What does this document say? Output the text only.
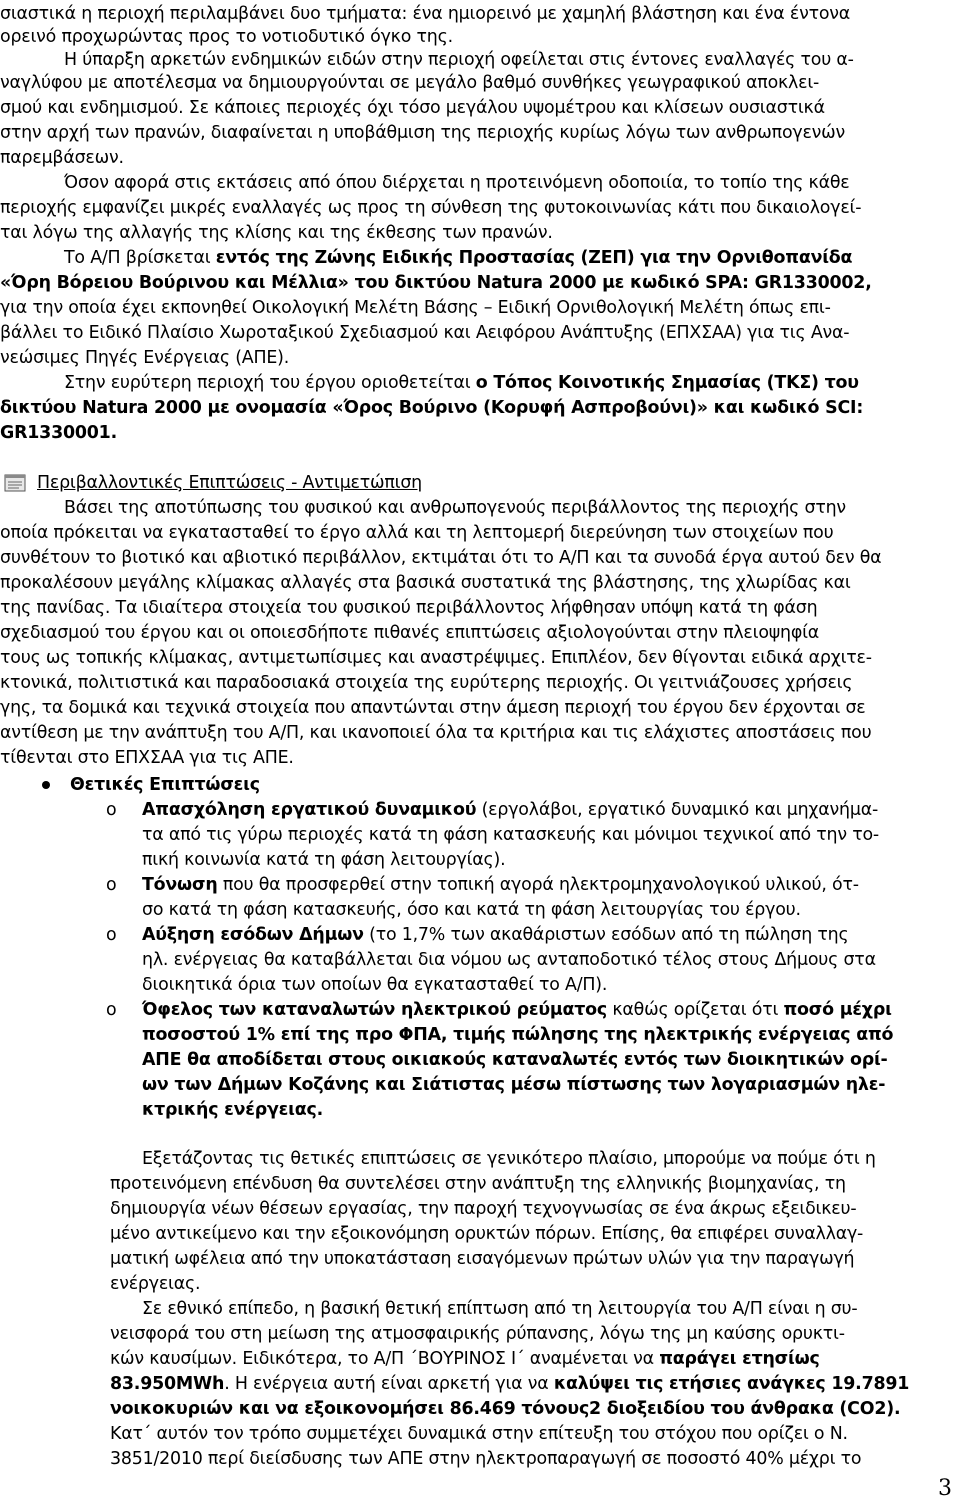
σιαστικά η περιοχή περιλαμβάνει δυο τμήματα: ένα ημιορεινό με χαμηλή βλάστηση και ένα έντονα

ορεινό προχωρώντας προς το νοτιοδυτικό όγκο της.

Η ύπαρξη αρκετών ενδημικών ειδών στην περιοχή οφείλεται στις έντονες εναλλαγές του α-

ναγλύφου με αποτέλεσμα να δημιουργούνται σε μεγάλο βαθμό συνθήκες γεωγραφικού αποκλει-

σμού και ενδημισμού. Σε κάποιες περιοχές όχι τόσο μεγάλου υψομέτρου και κλίσεων ουσιαστικά

στην αρχή των πρανών, διαφαίνεται η υποβάθμιση της περιοχής κυρίως λόγω των ανθρωπογενών

παρεμβάσεων.

Όσον αφορά στις εκτάσεις από όπου διέρχεται η προτεινόμενη οδοποιία, το τοπίο της κάθε

περιοχής εμφανίζει μικρές εναλλαγές ως προς τη σύνθεση της φυτοκοινωνίας κάτι που δικαιολογεί-

ται λόγω της αλλαγής της κλίσης και της έκθεσης των πρανών.

Το Α/Π βρίσκεται εντός της Ζώνης Ειδικής Προστασίας (ΖΕΠ) για την Ορνιθοπανίδα

«Όρη Βόρειου Βούρινου και Μέλλια» του δικτύου Natura 2000 με κωδικό SPA: GR1330002,

για την οποία έχει εκπονηθεί Οικολογική Μελέτη Βάσης – Ειδική Ορνιθολογική Μελέτη όπως επι-

βάλλει το Ειδικό Πλαίσιο Χωροταξικού Σχεδιασμού και Αειφόρου Ανάπτυξης (ΕΠΧΣΑΑ) για τις Ανα-

νεώσιμες Πηγές Ενέργειας (ΑΠΕ).

Στην ευρύτερη περιοχή του έργου οριοθετείται ο Τόπος Κοινοτικής Σημασίας (ΤΚΣ) του

δικτύου Natura 2000 με ονομασία «Όρος Βούρινο (Κορυφή Ασπροβούνι)» και κωδικό SCI:

GR1330001.

Περιβαλλοντικές Επιπτώσεις - Αντιμετώπιση

Βάσει της αποτύπωσης του φυσικού και ανθρωπογενούς περιβάλλοντος της περιοχής στην

οποία πρόκειται να εγκατασταθεί το έργο αλλά και τη λεπτομερή διερεύνηση των στοιχείων που

συνθέτουν το βιοτικό και αβιοτικό περιβάλλον, εκτιμάται ότι το Α/Π και τα συνοδά έργα αυτού δεν θα

προκαλέσουν μεγάλης κλίμακας αλλαγές στα βασικά συστατικά της βλάστησης, της χλωρίδας και

της πανίδας. Τα ιδιαίτερα στοιχεία του φυσικού περιβάλλοντος λήφθησαν υπόψη κατά τη φάση

σχεδιασμού του έργου και οι οποιεσδήποτε πιθανές επιπτώσεις αξιολογούνται στην πλειοψηφία

τους ως τοπικής κλίμακας, αντιμετωπίσιμες και αναστρέψιμες. Επιπλέον, δεν θίγονται ειδικά αρχιτε-

κτονικά, πολιτιστικά και παραδοσιακά στοιχεία της ευρύτερης περιοχής. Οι γειτνιάζουσες χρήσεις

γης, τα δομικά και τεχνικά στοιχεία που απαντώνται στην άμεση περιοχή του έργου δεν έρχονται σε

αντίθεση με την ανάπτυξη του Α/Π, και ικανοποιεί όλα τα κριτήρια και τις ελάχιστες αποστάσεις που

τίθενται στο ΕΠΧΣΑΑ για τις ΑΠΕ.

Θετικές Επιπτώσεις

o Απασχόληση εργατικού δυναμικού (εργολάβοι, εργατικό δυναμικό και μηχανήμα-

τα από τις γύρω περιοχές κατά τη φάση κατασκευής και μόνιμοι τεχνικοί από την το-

πική κοινωνία κατά τη φάση λειτουργίας).

o Τόνωση που θα προσφερθεί στην τοπική αγορά ηλεκτρομηχανολογικού υλικού, ότ-

σο κατά τη φάση κατασκευής, όσο και κατά τη φάση λειτουργίας του έργου.

o Αύξηση εσόδων Δήμων (το 1,7% των ακαθάριστων εσόδων από τη πώληση της

ηλ. ενέργειας θα καταβάλλεται δια νόμου ως ανταποδοτικό τέλος στους Δήμους στα

διοικητικά όρια των οποίων θα εγκατασταθεί το Α/Π).

o Όφελος των καταναλωτών ηλεκτρικού ρεύματος καθώς ορίζεται ότι ποσό μέχρι

ποσοστού 1% επί της προ ΦΠΑ, τιμής πώλησης της ηλεκτρικής ενέργειας από

ΑΠΕ θα αποδίδεται στους οικιακούς καταναλωτές εντός των διοικητικών ορί-

ων των Δήμων Κοζάνης και Σιάτιστας μέσω πίστωσης των λογαριασμών ηλε-

κτρικής ενέργειας.

Εξετάζοντας τις θετικές επιπτώσεις σε γενικότερο πλαίσιο, μπορούμε να πούμε ότι η

προτεινόμενη επένδυση θα συντελέσει στην ανάπτυξη της ελληνικής βιομηχανίας, τη

δημιουργία νέων θέσεων εργασίας, την παροχή τεχνογνωσίας σε ένα άκρως εξειδικευ-

μένο αντικείμενο και την εξοικονόμηση ορυκτών πόρων. Επίσης, θα επιφέρει συναλλαγ-

ματική ωφέλεια από την υποκατάσταση εισαγόμενων πρώτων υλών για την παραγωγή

ενέργειας.

Σε εθνικό επίπεδο, η βασική θετική επίπτωση από τη λειτουργία του Α/Π είναι η συ-

νεισφορά του στη μείωση της ατμοσφαιρικής ρύπανσης, λόγω της μη καύσης ορυκτι-

κών καυσίμων. Ειδικότερα, το Α/Π ΄ΒΟΥΡΙΝΟΣ Ι΄ αναμένεται να παράγει ετησίως

83.950MWh. Η ενέργεια αυτή είναι αρκετή για να καλύψει τις ετήσιες ανάγκες 19.7891

νοικοκυριών και να εξοικονομήσει 86.469 τόνους2 διοξειδίου του άνθρακα (CO2).

Κατ΄ αυτόν τον τρόπο συμμετέχει δυναμικά στην επίτευξη του στόχου που ορίζει ο Ν.

3851/2010 περί διείσδυσης των ΑΠΕ στην ηλεκτροπαραγωγή σε ποσοστό 40% μέχρι το

3
